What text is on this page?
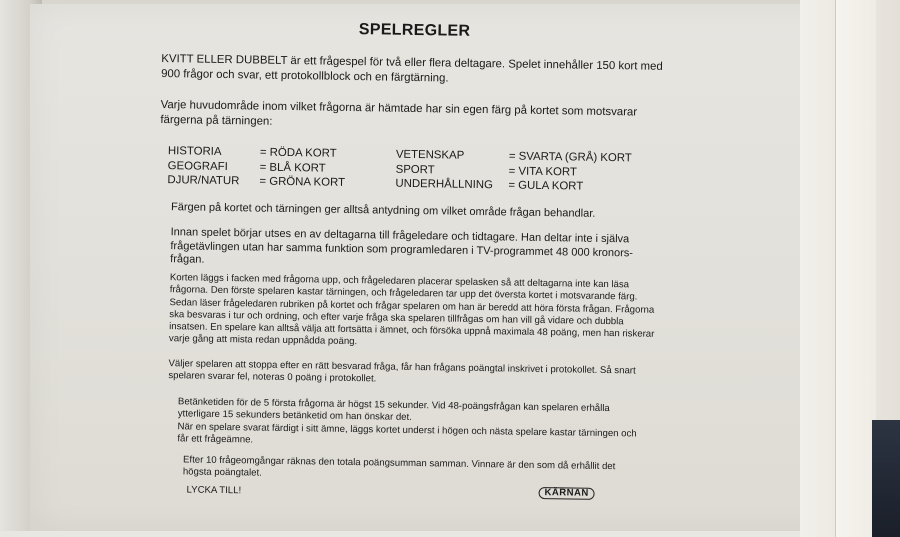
SPELREGLER

KVITT ELLER DUBBELT är ett frågespel för två eller flera deltagare. Spelet innehåller 150 kort med 900 frågor och svar, ett protokollblock och en färgtärning.

Varje huvudområde inom vilket frågorna är hämtade har sin egen färg på kortet som motsvarar färgerna på tärningen:

HISTORIA
GEOGRAFI
DJUR/NATUR
= RÖDA KORT
= BLÅ KORT
= GRÖNA KORT
VETENSKAP
SPORT
UNDERHÅLLNING
= SVARTA (GRÅ) KORT
= VITA KORT
= GULA KORT

Färgen på kortet och tärningen ger alltså antydning om vilket område frågan behandlar.

Innan spelet börjar utses en av deltagarna till frågeledare och tidtagare. Han deltar inte i själva frågetävlingen utan har samma funktion som programledaren i TV-programmet 48 000 kronors-frågan.

Korten läggs i facken med frågorna upp, och frågeledaren placerar spelasken så att deltagarna inte kan läsa frågorna. Den förste spelaren kastar tärningen, och frågeledaren tar upp det översta kortet i motsvarande färg. Sedan läser frågeledaren rubriken på kortet och frågar spelaren om han är beredd att höra första frågan. Frågorna ska besvaras i tur och ordning, och efter varje fråga ska spelaren tillfrågas om han vill gå vidare och dubbla insatsen. En spelare kan alltså välja att fortsätta i ämnet, och försöka uppnå maximala 48 poäng, men han riskerar varje gång att mista redan uppnådda poäng.

Väljer spelaren att stoppa efter en rätt besvarad fråga, får han frågans poängtal inskrivet i protokollet. Så snart spelaren svarar fel, noteras 0 poäng i protokollet.

Betänketiden för de 5 första frågorna är högst 15 sekunder. Vid 48-poängsfrågan kan spelaren erhålla ytterligare 15 sekunders betänketid om han önskar det.

När en spelare svarat färdigt i sitt ämne, läggs kortet underst i högen och nästa spelare kastar tärningen och får ett frågeämne.

Efter 10 frågeomgångar räknas den totala poängsumman samman. Vinnare är den som då erhållit det högsta poängtalet.

LYCKA TILL!	KÄRNAN
